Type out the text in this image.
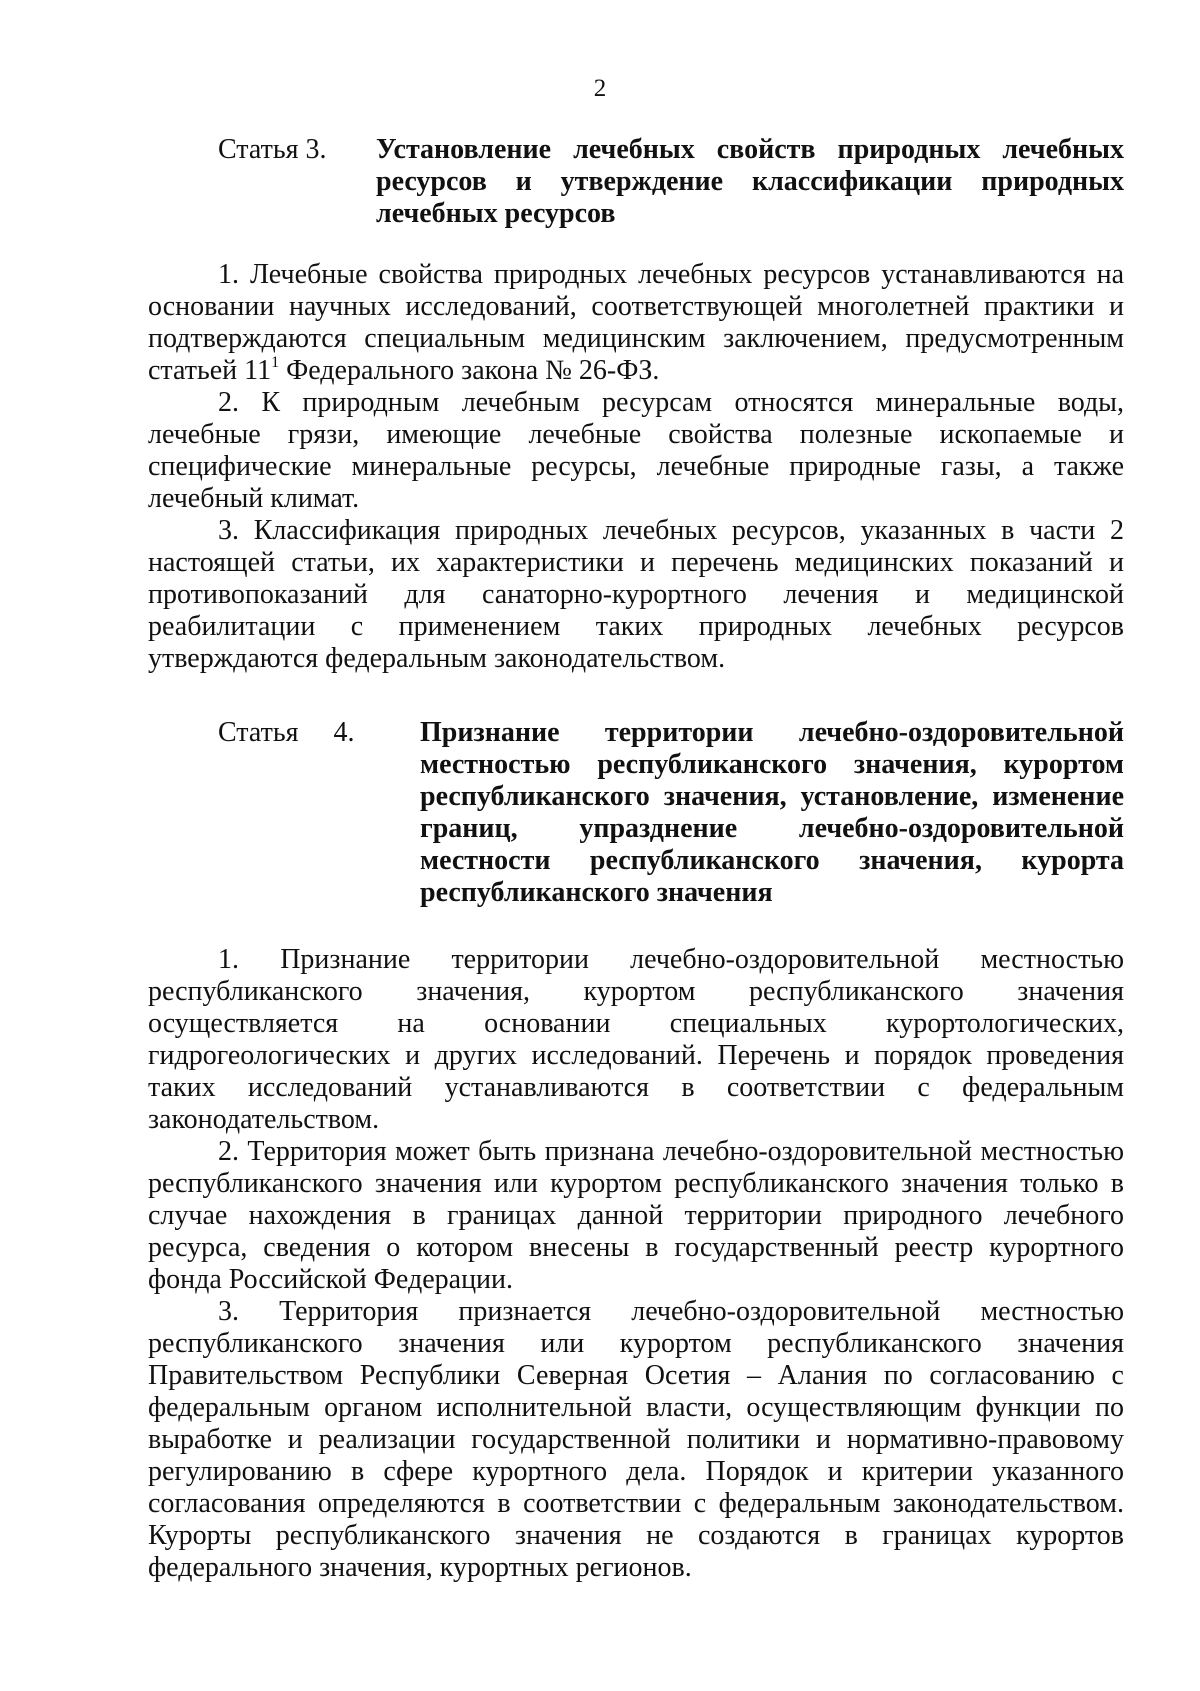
2
Статья 3. Установление лечебных свойств природных лечебных ресурсов и утверждение классификации природных лечебных ресурсов

1. Лечебные свойства природных лечебных ресурсов устанавливаются на основании научных исследований, соответствующей многолетней практики и подтверждаются специальным медицинским заключением, предусмотренным статьей 11$^1$ Федерального закона № 26-ФЗ.

2. К природным лечебным ресурсам относятся минеральные воды, лечебные грязи, имеющие лечебные свойства полезные ископаемые и специфические минеральные ресурсы, лечебные природные газы, а также лечебный климат.

3. Классификация природных лечебных ресурсов, указанных в части 2 настоящей статьи, их характеристики и перечень медицинских показаний и противопоказаний для санаторно-курортного лечения и медицинской реабилитации с применением таких природных лечебных ресурсов утверждаются федеральным законодательством.

Статья     4. Признание территории лечебно-оздоровительной местностью республиканского значения, курортом республиканского значения, установление, изменение границ, упразднение лечебно-оздоровительной местности республиканского значения, курорта республиканского значения

1. Признание территории лечебно-оздоровительной местностью республиканского значения, курортом республиканского значения осуществляется на основании специальных курортологических, гидрогеологических и других исследований. Перечень и порядок проведения таких исследований устанавливаются в соответствии с федеральным законодательством.

2. Территория может быть признана лечебно-оздоровительной местностью республиканского значения или курортом республиканского значения только в случае нахождения в границах данной территории природного лечебного ресурса, сведения о котором внесены в государственный реестр курортного фонда Российской Федерации.

3. Территория признается лечебно-оздоровительной местностью республиканского значения или курортом республиканского значения Правительством Республики Северная Осетия – Алания по согласованию с федеральным органом исполнительной власти, осуществляющим функции по выработке и реализации государственной политики и нормативно-правовому регулированию в сфере курортного дела. Порядок и критерии указанного согласования определяются в соответствии с федеральным законодательством. Курорты республиканского значения не создаются в границах курортов федерального значения, курортных регионов.
